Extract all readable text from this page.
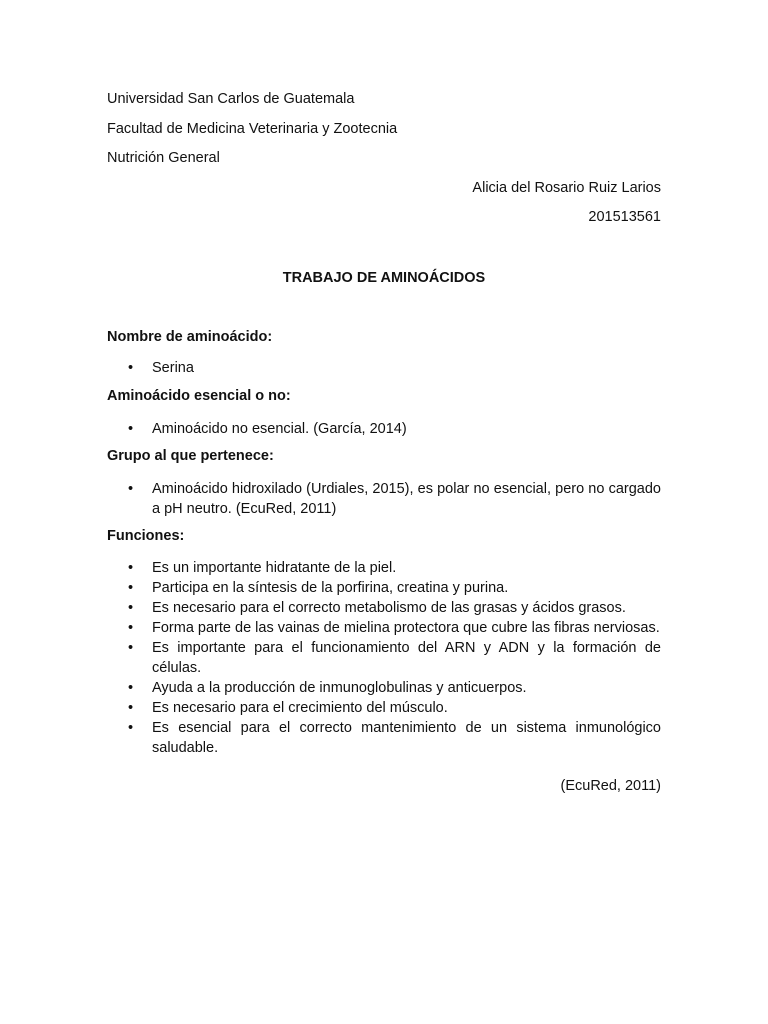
Universidad San Carlos de Guatemala
Facultad de Medicina Veterinaria y Zootecnia
Nutrición General
Alicia del Rosario Ruiz Larios
201513561
TRABAJO DE AMINOÁCIDOS
Nombre de aminoácido:
•	Serina
Aminoácido esencial o no:
•	Aminoácido no esencial. (García, 2014)
Grupo al que pertenece:
•	Aminoácido hidroxilado (Urdiales, 2015), es polar no esencial, pero no cargado a pH neutro. (EcuRed, 2011)
Funciones:
•	Es un importante hidratante de la piel.
•	Participa en la síntesis de la porfirina, creatina y purina.
•	Es necesario para el correcto metabolismo de las grasas y ácidos grasos.
•	Forma parte de las vainas de mielina protectora que cubre las fibras nerviosas.
•	Es importante para el funcionamiento del ARN y ADN y la formación de células.
•	Ayuda a la producción de inmunoglobulinas y anticuerpos.
•	Es necesario para el crecimiento del músculo.
•	Es esencial para el correcto mantenimiento de un sistema inmunológico saludable.
(EcuRed, 2011)
